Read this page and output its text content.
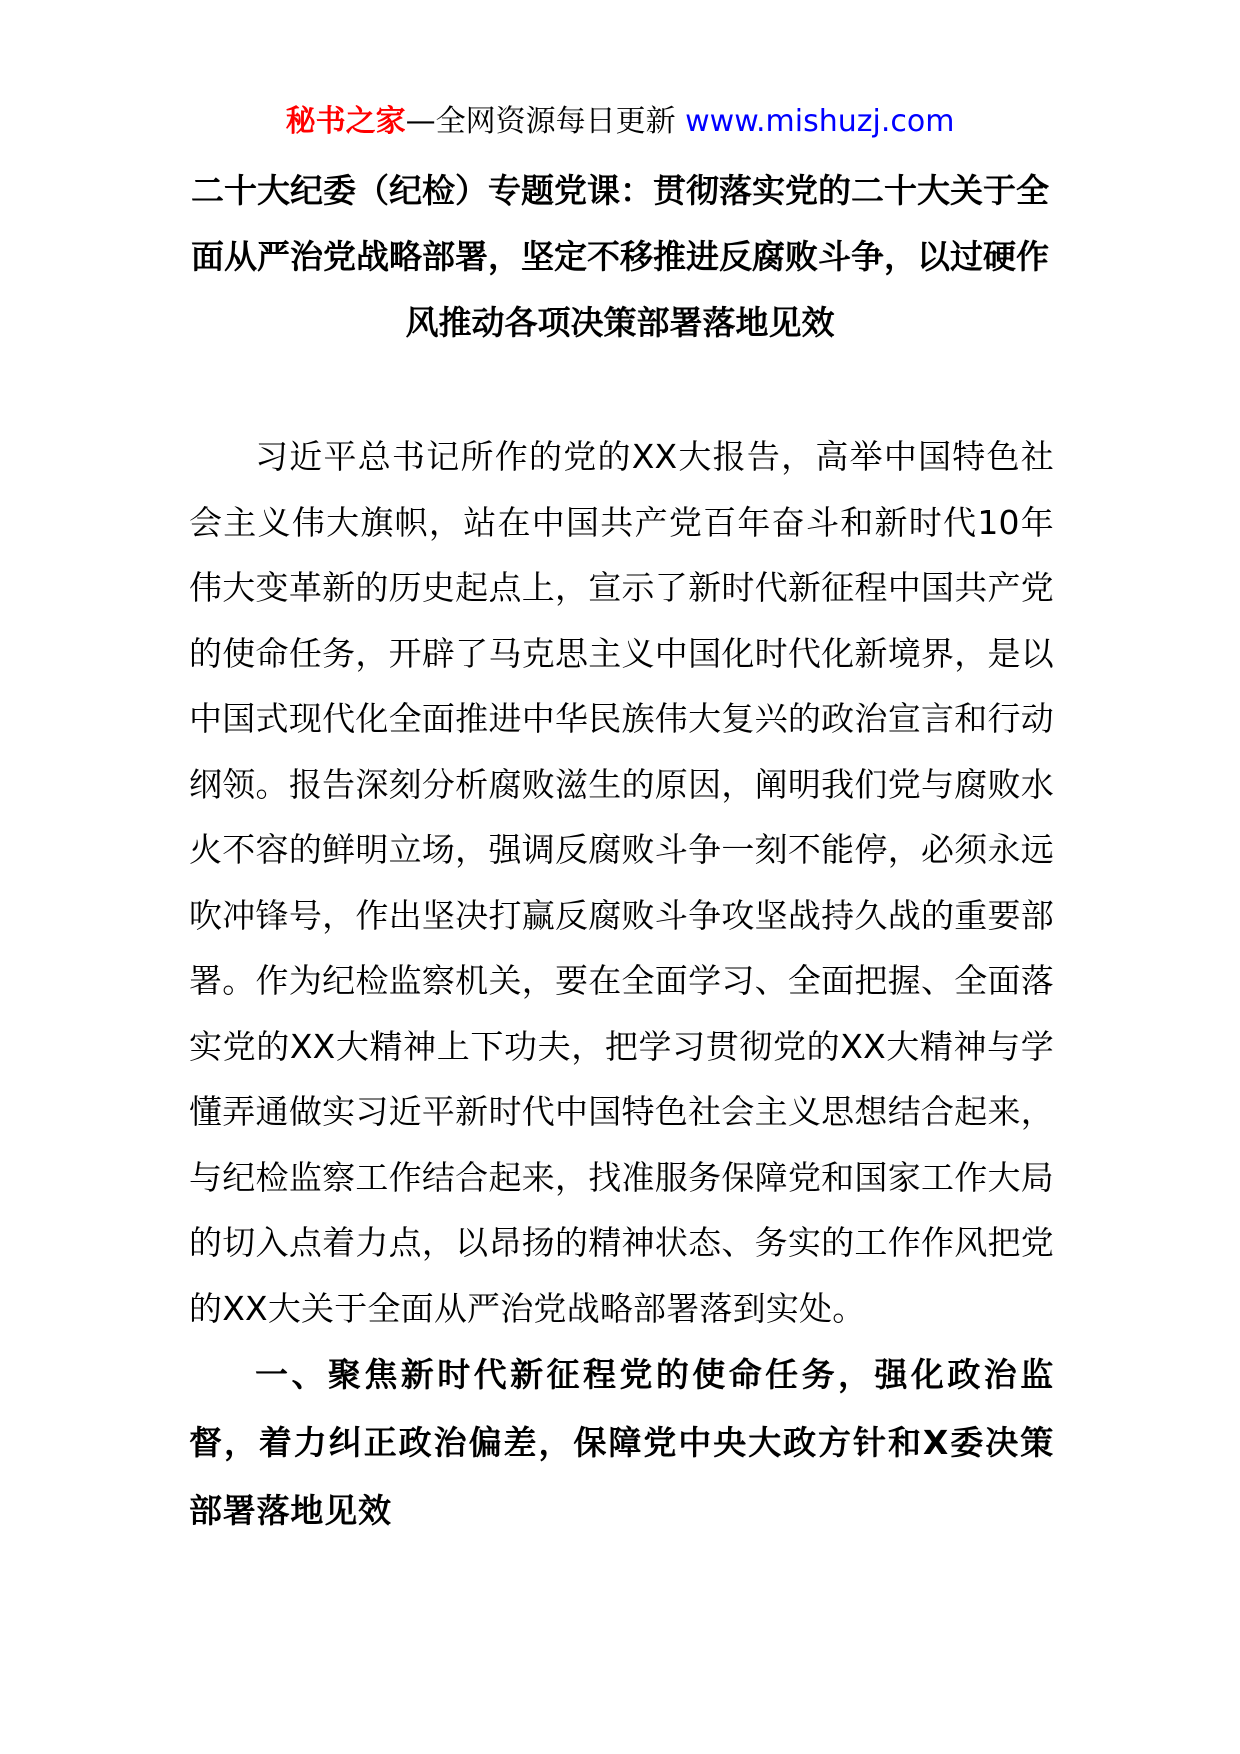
秘书之家—全网资源每日更新 www.mishuzj.com
二十大纪委（纪检）专题党课：贯彻落实党的二十大关于全面从严治党战略部署，坚定不移推进反腐败斗争，以过硬作风推动各项决策部署落地见效

习近平总书记所作的党的XX大报告，高举中国特色社会主义伟大旗帜，站在中国共产党百年奋斗和新时代10年伟大变革新的历史起点上，宣示了新时代新征程中国共产党的使命任务，开辟了马克思主义中国化时代化新境界，是以中国式现代化全面推进中华民族伟大复兴的政治宣言和行动纲领。报告深刻分析腐败滋生的原因，阐明我们党与腐败水火不容的鲜明立场，强调反腐败斗争一刻不能停，必须永远吹冲锋号，作出坚决打赢反腐败斗争攻坚战持久战的重要部署。作为纪检监察机关，要在全面学习、全面把握、全面落实党的XX大精神上下功夫，把学习贯彻党的XX大精神与学懂弄通做实习近平新时代中国特色社会主义思想结合起来，与纪检监察工作结合起来，找准服务保障党和国家工作大局的切入点着力点，以昂扬的精神状态、务实的工作作风把党的XX大关于全面从严治党战略部署落到实处。

一、聚焦新时代新征程党的使命任务，强化政治监督，着力纠正政治偏差，保障党中央大政方针和X委决策部署落地见效
